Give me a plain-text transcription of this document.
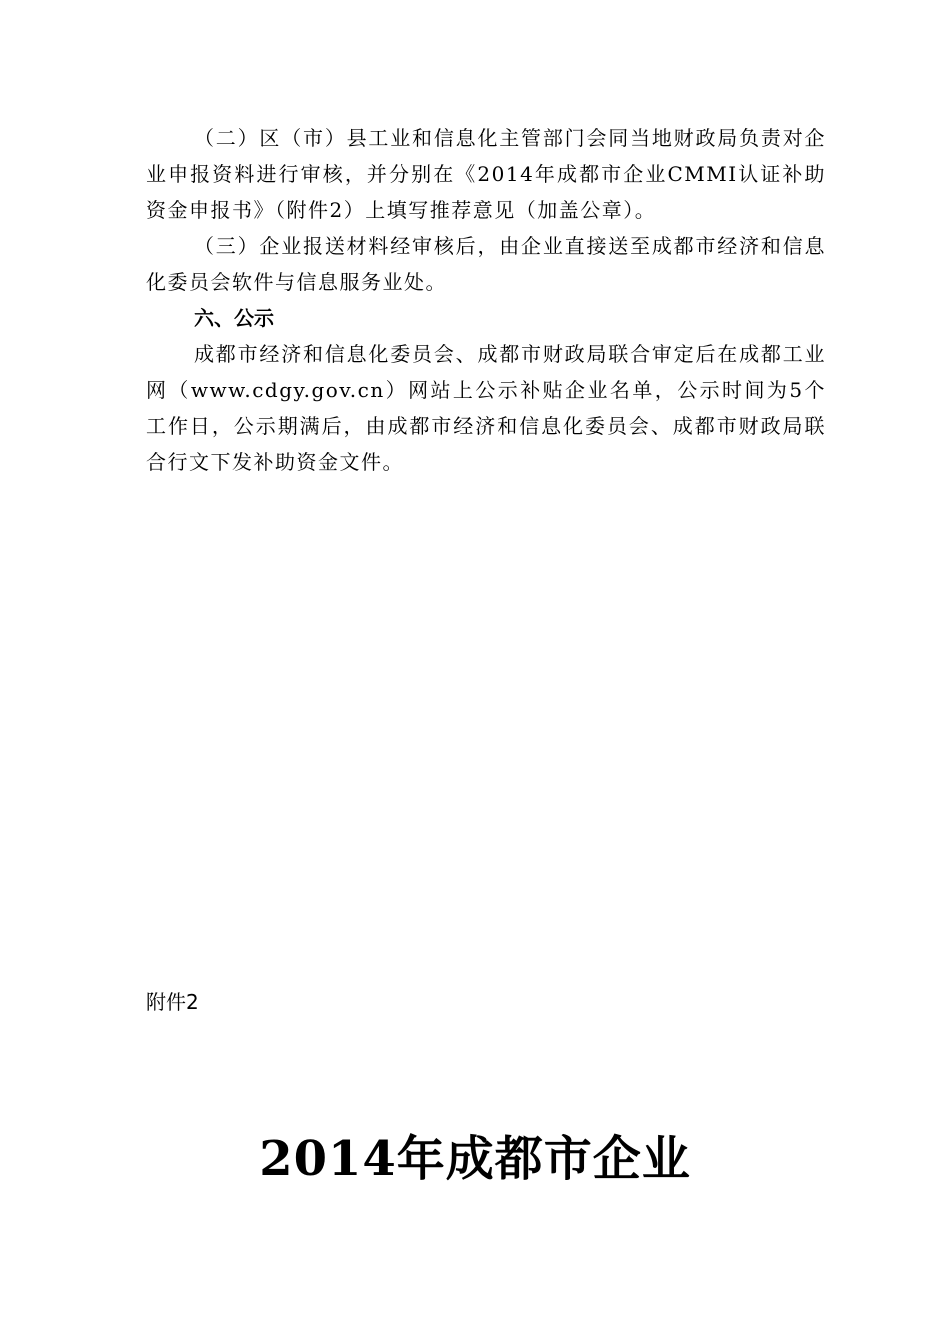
（二）区（市）县工业和信息化主管部门会同当地财政局负责对企业申报资料进行审核，并分别在《2014年成都市企业CMMI认证补助资金申报书》（附件2）上填写推荐意见（加盖公章）。

（三）企业报送材料经审核后，由企业直接送至成都市经济和信息化委员会软件与信息服务业处。

六、公示

成都市经济和信息化委员会、成都市财政局联合审定后在成都工业网（www.cdgy.gov.cn）网站上公示补贴企业名单，公示时间为5个工作日，公示期满后，由成都市经济和信息化委员会、成都市财政局联合行文下发补助资金文件。

附件2
2014年成都市企业
